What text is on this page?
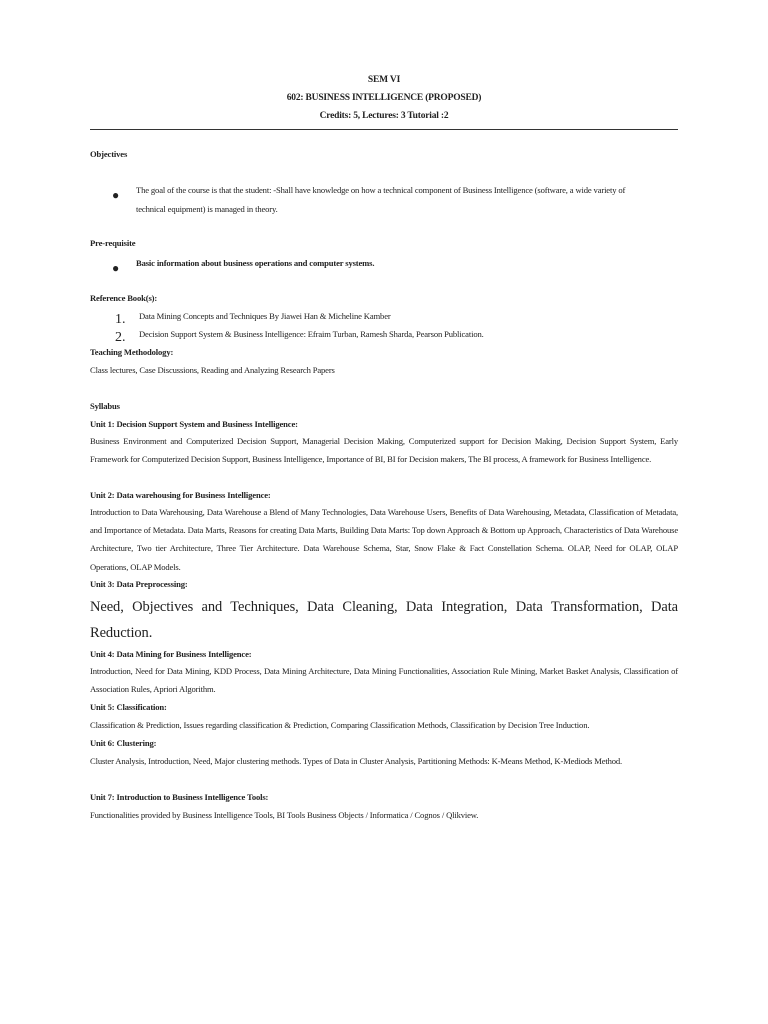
SEM VI
602: BUSINESS INTELLIGENCE (PROPOSED)
Credits: 5, Lectures: 3 Tutorial :2
Objectives
● The goal of the course is that the student: -Shall have knowledge on how a technical component of Business Intelligence (software, a wide variety of
technical equipment) is managed in theory.
Pre-requisite
● Basic information about business operations and computer systems.
Reference Book(s):
1. Data Mining Concepts and Techniques By Jiawei Han & Micheline Kamber
2. Decision Support System & Business Intelligence: Efraim Turban, Ramesh Sharda, Pearson Publication.
Teaching Methodology:
Class lectures, Case Discussions, Reading and Analyzing Research Papers
Syllabus
Unit 1: Decision Support System and Business Intelligence:
Business Environment and Computerized Decision Support, Managerial Decision Making, Computerized support for Decision Making, Decision Support System, Early Framework for Computerized Decision Support, Business Intelligence, Importance of BI, BI for Decision makers, The BI process, A framework for Business Intelligence.
Unit 2: Data warehousing for Business Intelligence:
Introduction to Data Warehousing, Data Warehouse a Blend of Many Technologies, Data Warehouse Users, Benefits of Data Warehousing, Metadata, Classification of Metadata, and Importance of Metadata. Data Marts, Reasons for creating Data Marts, Building Data Marts: Top down Approach & Bottom up Approach, Characteristics of Data Warehouse Architecture, Two tier Architecture, Three Tier Architecture. Data Warehouse Schema, Star, Snow Flake & Fact Constellation Schema. OLAP, Need for OLAP, OLAP Operations, OLAP Models.
Unit 3: Data Preprocessing:
Need, Objectives and Techniques, Data Cleaning, Data Integration, Data Transformation, Data Reduction.
Unit 4: Data Mining for Business Intelligence:
Introduction, Need for Data Mining, KDD Process, Data Mining Architecture, Data Mining Functionalities, Association Rule Mining, Market Basket Analysis, Classification of Association Rules, Apriori Algorithm.
Unit 5: Classification:
Classification & Prediction, Issues regarding classification & Prediction, Comparing Classification Methods, Classification by Decision Tree Induction.
Unit 6: Clustering:
Cluster Analysis, Introduction, Need, Major clustering methods. Types of Data in Cluster Analysis, Partitioning Methods: K-Means Method, K-Mediods Method.
Unit 7: Introduction to Business Intelligence Tools:
Functionalities provided by Business Intelligence Tools, BI Tools Business Objects / Informatica / Cognos / Qlikview.
